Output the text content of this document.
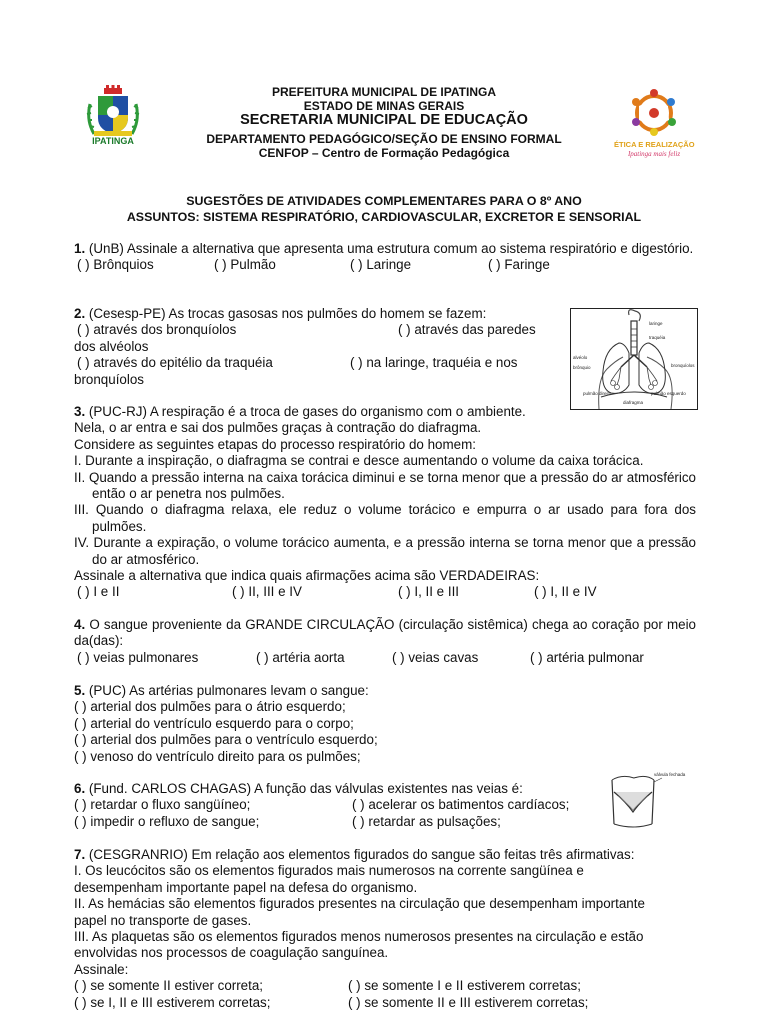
IPATINGA	ÉTICA E REALIZAÇÃO
Ipatinga mais feliz
PREFEITURA MUNICIPAL DE IPATINGA
ESTADO DE MINAS GERAIS
SECRETARIA MUNICIPAL DE EDUCAÇÃO
DEPARTAMENTO PEDAGÓGICO/SEÇÃO DE ENSINO FORMAL
CENFOP – Centro de Formação Pedagógica
SUGESTÕES DE ATIVIDADES COMPLEMENTARES PARA O 8º ANO
ASSUNTOS: SISTEMA RESPIRATÓRIO, CARDIOVASCULAR, EXCRETOR E SENSORIAL

1. (UnB) Assinale a alternativa que apresenta uma estrutura comum ao sistema respiratório e digestório.

( ) Brônquios	( ) Pulmão	( ) Laringe	( ) Faringe

2. (Cesesp-PE) As trocas gasosas nos pulmões do homem se fazem:

( ) através dos bronquíolos	( ) através das paredes

dos alvéolos

( ) através do epitélio da traquéia	( ) na laringe, traquéia e nos

bronquíolos

laringe
traquéia
alvéolo
brônquio	bronquíolos
pulmão direito	pulmão esquerdo
diafragma

3. (PUC-RJ) A respiração é a troca de gases do organismo com o ambiente.

Nela, o ar entra e sai dos pulmões graças à contração do diafragma.

Considere as seguintes etapas do processo respiratório do homem:

I. Durante a inspiração, o diafragma se contrai e desce aumentando o volume da caixa torácica.

II. Quando a pressão interna na caixa torácica diminui e se torna menor que a pressão do ar atmosférico então o ar penetra nos pulmões.

III. Quando o diafragma relaxa, ele reduz o volume torácico e empurra o ar usado para fora dos pulmões.

IV. Durante a expiração, o volume torácico aumenta, e a pressão interna se torna menor que a pressão do ar atmosférico.

Assinale a alternativa que indica quais afirmações acima são VERDADEIRAS:

( ) I e II	( ) II, III e IV	( ) I, II e III	( ) I, II e IV

4. O sangue proveniente da GRANDE CIRCULAÇÃO (circulação sistêmica) chega ao coração por meio da(das):

( ) veias pulmonares	( ) artéria aorta	( ) veias cavas	( ) artéria pulmonar

5. (PUC) As artérias pulmonares levam o sangue:

( ) arterial dos pulmões para o átrio esquerdo;

( ) arterial do ventrículo esquerdo para o corpo;

( ) arterial dos pulmões para o ventrículo esquerdo;

( ) venoso do ventrículo direito para os pulmões;

6. (Fund. CARLOS CHAGAS) A função das válvulas existentes nas veias é:

( ) retardar o fluxo sangüíneo;	( ) acelerar os batimentos cardíacos;
( ) impedir o refluxo de sangue;	( ) retardar as pulsações;
válvula fechada

7. (CESGRANRIO) Em relação aos elementos figurados do sangue são feitas três afirmativas:

I. Os leucócitos são os elementos figurados mais numerosos na corrente sangüínea e desempenham importante papel na defesa do organismo.

II. As hemácias são elementos figurados presentes na circulação que desempenham importante papel no transporte de gases.

III. As plaquetas são os elementos figurados menos numerosos presentes na circulação e estão envolvidas nos processos de coagulação sanguínea.

Assinale:

( ) se somente II estiver correta;	( ) se somente I e II estiverem corretas;
( ) se I, II e III estiverem corretas;	( ) se somente II e III estiverem corretas;
